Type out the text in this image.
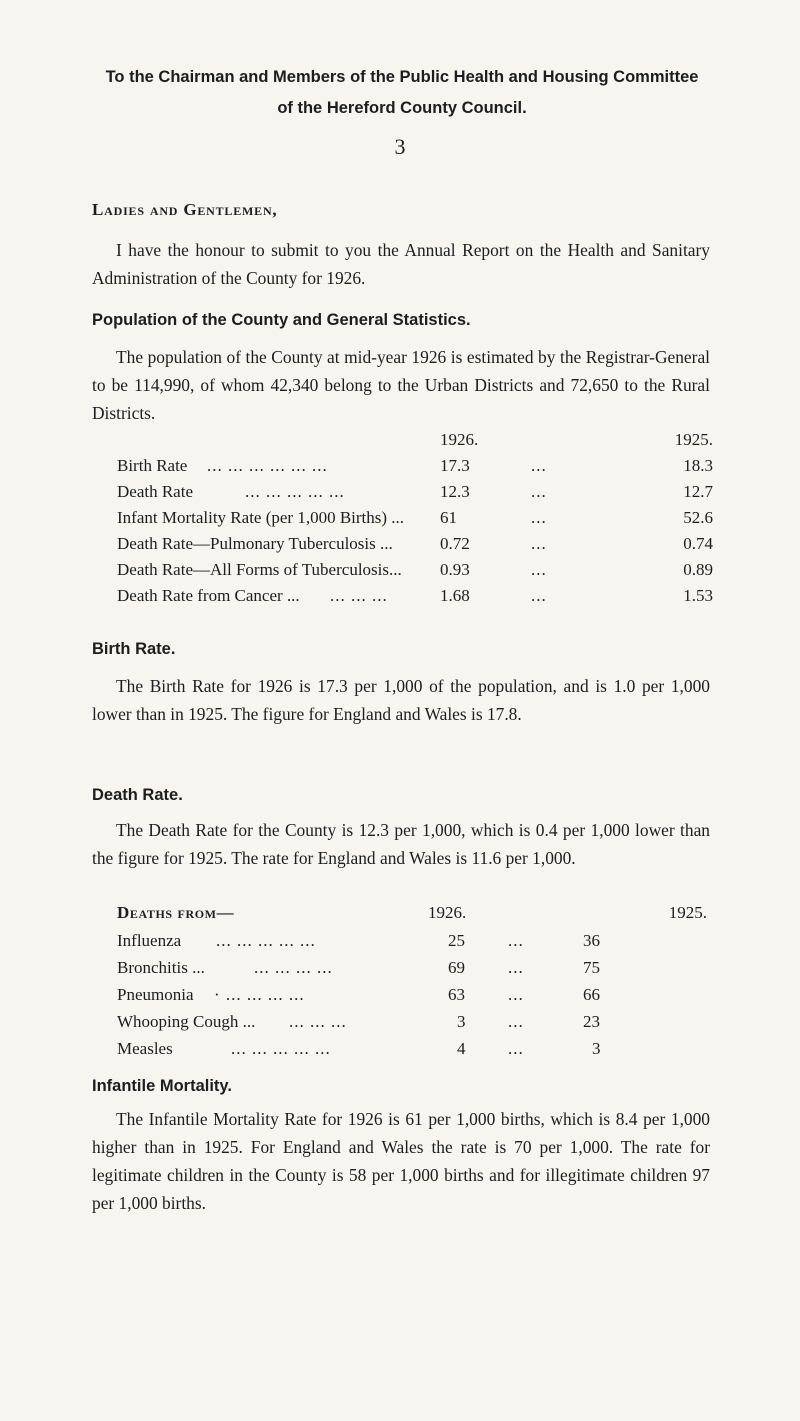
3
To the Chairman and Members of the Public Health and Housing Committee
of the Hereford County Council.
Ladies and Gentlemen,

I have the honour to submit to you the Annual Report on the Health and Sanitary Administration of the County for 1926.

Population of the County and General Statistics.

The population of the County at mid-year 1926 is estimated by the Registrar-General to be 114,990, of whom 42,340 belong to the Urban Districts and 72,650 to the Rural Districts.

1926.	1925.
Birth Rate ... ... ... ... ... ...	17.3	...	18.3
Death Rate	... ... ... ... ...	12.3	...	12.7
Infant Mortality Rate (per 1,000 Births) ... 61	...	52.6
Death Rate—Pulmonary Tuberculosis ...	0.72	...	0.74
Death Rate—All Forms of Tuberculosis... 0.93	...	0.89
Death Rate from Cancer ... ... ... ...	1.68	...	1.53
Birth Rate.

The Birth Rate for 1926 is 17.3 per 1,000 of the population, and is 1.0 per 1,000 lower than in 1925. The figure for England and Wales is 17.8.

Death Rate.

The Death Rate for the County is 12.3 per 1,000, which is 0.4 per 1,000 lower than the figure for 1925. The rate for England and Wales is 11.6 per 1,000.

Deaths from—	1926.	1925.
Influenza ... ... ... ... ...	25	...	36
Bronchitis ...	... ... ... ...	69	...	75
Pneumonia · ... ... ... ...	63	...	66
Whooping Cough ... ... ... ...	3	...	23
Measles	... ... ... ... ...	4	...	3
Infantile Mortality.

The Infantile Mortality Rate for 1926 is 61 per 1,000 births, which is 8.4 per 1,000 higher than in 1925. For England and Wales the rate is 70 per 1,000. The rate for legitimate children in the County is 58 per 1,000 births and for illegitimate children 97 per 1,000 births.
